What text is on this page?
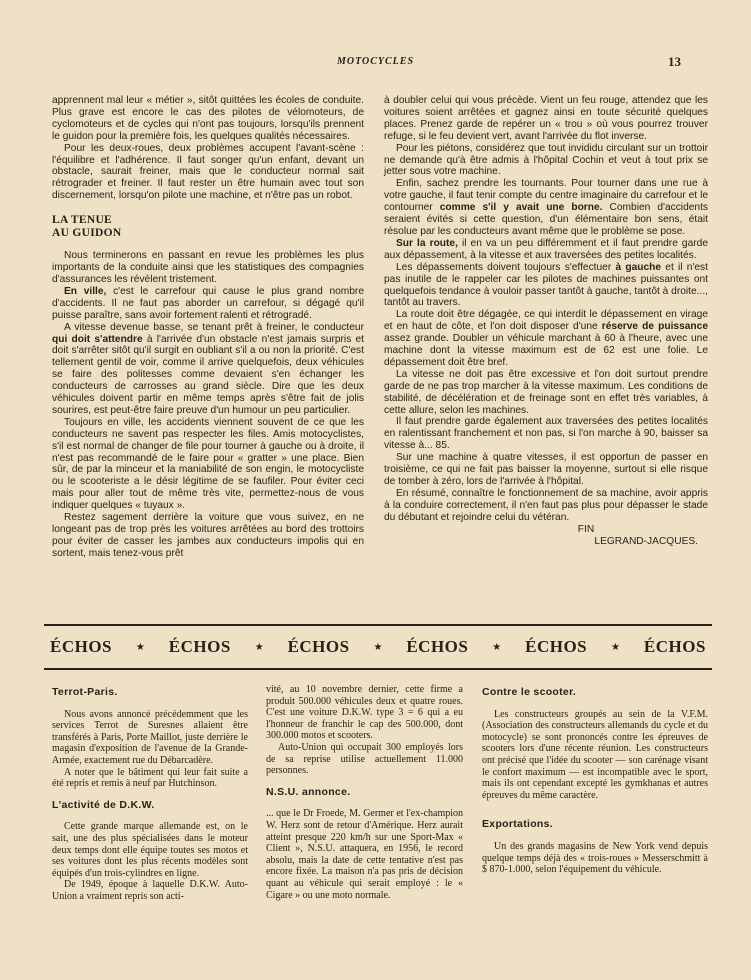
MOTOCYCLES	13

apprennent mal leur « métier », sitôt quittées les écoles de conduite. Plus grave est encore le cas des pilotes de vélomoteurs, de cyclomoteurs et de cycles qui n'ont pas toujours, lorsqu'ils prennent le guidon pour la première fois, les quelques qualités nécessaires.

Pour les deux-roues, deux problèmes accupent l'avant-scène : l'équilibre et l'adhérence. Il faut songer qu'un enfant, devant un obstacle, saurait freiner, mais que le conducteur normal sait rétrograder et freiner. Il faut rester un être humain avec tout son discernement, lorsqu'on pilote une machine, et n'être pas un robot.

LA TENUE
AU GUIDON

Nous terminerons en passant en revue les problèmes les plus importants de la conduite ainsi que les statistiques des compagnies d'assurances les révèlent tristement.

En ville, c'est le carrefour qui cause le plus grand nombre d'accidents. Il ne faut pas aborder un carrefour, si dégagé qu'il puisse paraître, sans avoir fortement ralenti et rétrogradé.

A vitesse devenue basse, se tenant prêt à freiner, le conducteur qui doit s'attendre à l'arrivée d'un obstacle n'est jamais surpris et doit s'arrêter sitôt qu'il surgit en oubliant s'il a ou non la priorité. C'est tellement gentil de voir, comme il arrive quelquefois, deux véhicules se faire des politesses comme devaient s'en échanger les conducteurs de carrosses au grand siècle. Dire que les deux véhicules doivent partir en même temps après s'être fait de jolis sourires, est peut-être faire preuve d'un humour un peu particulier.

Toujours en ville, les accidents viennent souvent de ce que les conducteurs ne savent pas respecter les files. Amis motocyclistes, s'il est normal de changer de file pour tourner à gauche ou à droite, il n'est pas recommandé de le faire pour « gratter » une place. Bien sûr, de par la minceur et la maniabilité de son engin, le motocycliste ou le scooteriste a le désir légitime de se faufiler. Pour éviter ceci mais pour aller tout de même très vite, permettez-nous de vous indiquer quelques « tuyaux ».

Restez sagement derrière la voiture que vous suivez, en ne longeant pas de trop près les voitures arrêtées au bord des trottoirs pour éviter de casser les jambes aux conducteurs impolis qui en sortent, mais tenez-vous prêt

à doubler celui qui vous précède. Vient un feu rouge, attendez que les voitures soient arrêtées et gagnez ainsi en toute sécurité quelques places. Prenez garde de repérer un « trou » où vous pourrez trouver refuge, si le feu devient vert, avant l'arrivée du flot inverse.

Pour les piétons, considérez que tout invididu circulant sur un trottoir ne demande qu'à être admis à l'hôpital Cochin et veut à tout prix se jetter sous votre machine.

Enfin, sachez prendre les tournants. Pour tourner dans une rue à votre gauche, il faut tenir compte du centre imaginaire du carrefour et le contourner comme s'il y avait une borne. Combien d'accidents seraient évités si cette question, d'un élémentaire bon sens, était résolue par les conducteurs avant même que le problème se pose.

Sur la route, il en va un peu différemment et il faut prendre garde aux dépassement, à la vitesse et aux traversées des petites localités.

Les dépassements doivent toujours s'effectuer à gauche et il n'est pas inutile de le rappeler car les pilotes de machines puissantes ont quelquefois tendance à vouloir passer tantôt à gauche, tantôt à droite..., tantôt au travers.

La route doit être dégagée, ce qui interdit le dépassement en virage et en haut de côte, et l'on doit disposer d'une réserve de puissance assez grande. Doubler un véhicule marchant à 60 à l'heure, avec une machine dont la vitesse maximum est de 62 est une folie. Le dépassement doit être bref.

La vitesse ne doit pas être excessive et l'on doit surtout prendre garde de ne pas trop marcher à la vitesse maximum. Les conditions de stabilité, de décélération et de freinage sont en effet très variables, à cette allure, selon les machines.

Il faut prendre garde également aux traversées des petites localités en ralentissant franchement et non pas, si l'on marche à 90, baisser sa vitesse à... 85.

Sur une machine à quatre vitesses, il est opportun de passer en troisième, ce qui ne fait pas baisser la moyenne, surtout si elle risque de tomber à zéro, lors de l'arrivée à l'hôpital.

En résumé, connaître le fonctionnement de sa machine, avoir appris à la conduire correctement, il n'en faut pas plus pour dépasser le stade du débutant et rejoindre celui du vétéran.

FIN

LEGRAND-JACQUES.

ÉCHOS ★ ÉCHOS ★ ÉCHOS ★ ÉCHOS ★ ÉCHOS ★ ÉCHOS
Terrot-Paris.

Nous avons annoncé précédemment que les services Terrot de Suresnes allaient être transférés à Paris, Porte Maillot, juste derrière le magasin d'exposition de l'avenue de la Grande-Armée, exactement rue du Débarcadère.

A noter que le bâtiment qui leur fait suite a été repris et remis à neuf par Hutchinson.

L'activité de D.K.W.

Cette grande marque allemande est, on le sait, une des plus spécialisées dans le moteur deux temps dont elle équipe toutes ses motos et ses voitures dont les plus récents modèles sont équipés d'un trois-cylindres en ligne.

De 1949, époque à laquelle D.K.W. Auto-Union a vraiment repris son acti-

vité, au 10 novembre dernier, cette firme a produit 500.000 véhicules deux et quatre roues. C'est une voiture D.K.W. type 3 = 6 qui a eu l'honneur de franchir le cap des 500.000, dont 300.000 motos et scooters.

Auto-Union qui occupait 300 employés lors de sa reprise utilise actuellement 11.000 personnes.

N.S.U. annonce.

... que le Dr Froede, M. Germer et l'ex-champion W. Herz sont de retour d'Amérique. Herz aurait atteint presque 220 km/h sur une Sport-Max « Client », N.S.U. attaquera, en 1956, le record absolu, mais la date de cette tentative n'est pas encore fixée. La maison n'a pas pris de décision quant au véhicule qui serait employé : le « Cigare » ou une moto normale.

Contre le scooter.

Les constructeurs groupés au sein de la V.F.M. (Association des constructeurs allemands du cycle et du motocycle) se sont prononcés contre les épreuves de scooters lors d'une récente réunion. Les constructeurs ont précisé que l'idée du scooter — son carénage visant le confort maximum — est incompatible avec le sport, mais ils ont cependant excepté les gymkhanas et autres épreuves du même caractère.

Exportations.

Un des grands magasins de New York vend depuis quelque temps déjà des « trois-roues » Messerschmitt à $ 870-1.000, selon l'équipement du véhicule.
